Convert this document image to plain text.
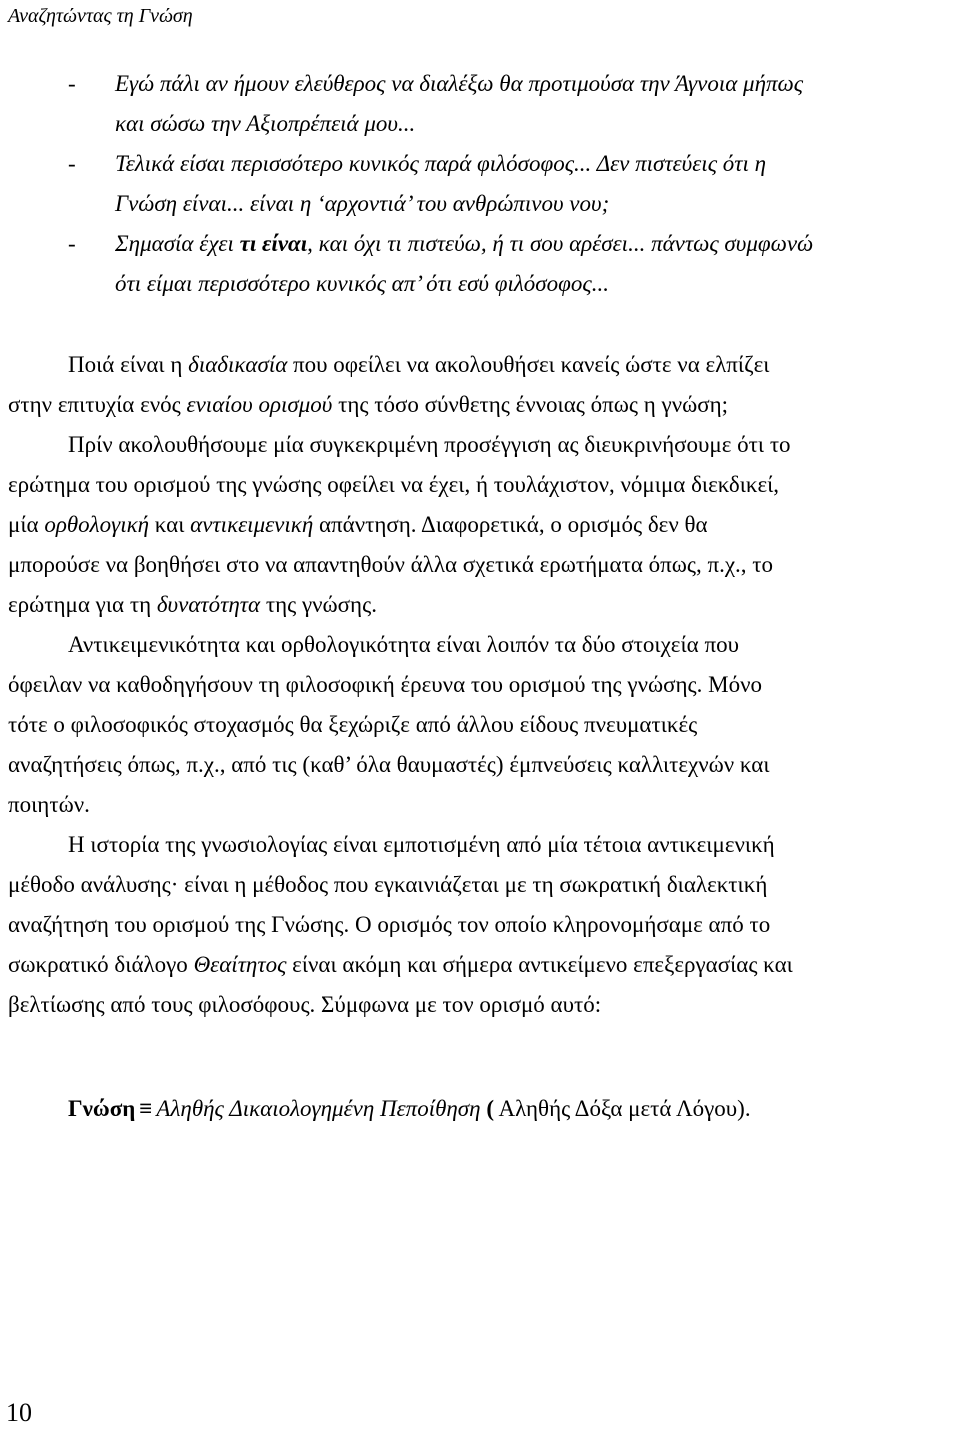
Αναζητώντας τη Γνώση
- Εγώ πάλι αν ήμουν ελεύθερος να διαλέξω θα προτιμούσα την Άγνοια μήπως
και σώσω την Αξιοπρέπειά μου...
- Τελικά είσαι περισσότερο κυνικός παρά φιλόσοφος... Δεν πιστεύεις ότι η
Γνώση είναι... είναι η ‘αρχοντιά’ του ανθρώπινου νου;
- Σημασία έχει τι είναι, και όχι τι πιστεύω, ή τι σου αρέσει... πάντως συμφωνώ
ότι είμαι περισσότερο κυνικός απ’ ότι εσύ φιλόσοφος...
Ποιά είναι η διαδικασία που οφείλει να ακολουθήσει κανείς ώστε να ελπίζει
στην επιτυχία ενός ενιαίου ορισμού της τόσο σύνθετης έννοιας όπως η γνώση;
Πρίν ακολουθήσουμε μία συγκεκριμένη προσέγγιση ας διευκρινήσουμε ότι το
ερώτημα του ορισμού της γνώσης οφείλει να έχει, ή τουλάχιστον, νόμιμα διεκδικεί,
μία ορθολογική και αντικειμενική απάντηση. Διαφορετικά, ο ορισμός δεν θα
μπορούσε να βοηθήσει στο να απαντηθούν άλλα σχετικά ερωτήματα όπως, π.χ., το
ερώτημα για τη δυνατότητα της γνώσης.
Αντικειμενικότητα και ορθολογικότητα είναι λοιπόν τα δύο στοιχεία που
όφειλαν να καθοδηγήσουν τη φιλοσοφική έρευνα του ορισμού της γνώσης. Μόνο
τότε ο φιλοσοφικός στοχασμός θα ξεχώριζε από άλλου είδους πνευματικές
αναζητήσεις όπως, π.χ., από τις (καθ’ όλα θαυμαστές) έμπνεύσεις καλλιτεχνών και
ποιητών.
Η ιστορία της γνωσιολογίας είναι εμποτισμένη από μία τέτοια αντικειμενική
μέθοδο ανάλυσης· είναι η μέθοδος που εγκαινιάζεται με τη σωκρατική διαλεκτική
αναζήτηση του ορισμού της Γνώσης. Ο ορισμός τον οποίο κληρονομήσαμε από το
σωκρατικό διάλογο Θεαίτητος είναι ακόμη και σήμερα αντικείμενο επεξεργασίας και
βελτίωσης από τους φιλοσόφους. Σύμφωνα με τον ορισμό αυτό:
Γνώση ≡ Αληθής Δικαιολογημένη Πεποίθηση ( Αληθής Δόξα μετά Λόγου).
10
